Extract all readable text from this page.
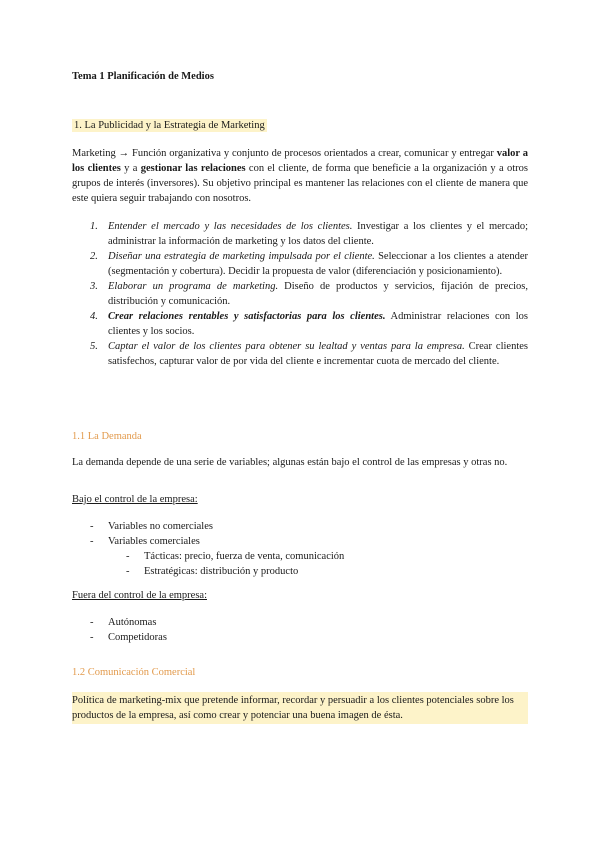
Tema 1 Planificación de Medios

1. La Publicidad y la Estrategia de Marketing

Marketing → Función organizativa y conjunto de procesos orientados a crear, comunicar y entregar valor a los clientes y a gestionar las relaciones con el cliente, de forma que beneficie a la organización y a otros grupos de interés (inversores). Su objetivo principal es mantener las relaciones con el cliente de manera que este quiera seguir trabajando con nosotros.

1. Entender el mercado y las necesidades de los clientes. Investigar a los clientes y el mercado; administrar la información de marketing y los datos del cliente.
2. Diseñar una estrategia de marketing impulsada por el cliente. Seleccionar a los clientes a atender (segmentación y cobertura). Decidir la propuesta de valor (diferenciación y posicionamiento).
3. Elaborar un programa de marketing. Diseño de productos y servicios, fijación de precios, distribución y comunicación.
4. Crear relaciones rentables y satisfactorias para los clientes. Administrar relaciones con los clientes y los socios.
5. Captar el valor de los clientes para obtener su lealtad y ventas para la empresa. Crear clientes satisfechos, capturar valor de por vida del cliente e incrementar cuota de mercado del cliente.

1.1 La Demanda

La demanda depende de una serie de variables; algunas están bajo el control de las empresas y otras no.

Bajo el control de la empresa:

- Variables no comerciales
- Variables comerciales
- Tácticas: precio, fuerza de venta, comunicación
- Estratégicas: distribución y producto

Fuera del control de la empresa:

- Autónomas
- Competidoras

1.2 Comunicación Comercial

Política de marketing-mix que pretende informar, recordar y persuadir a los clientes potenciales sobre los productos de la empresa, así como crear y potenciar una buena imagen de ésta.
